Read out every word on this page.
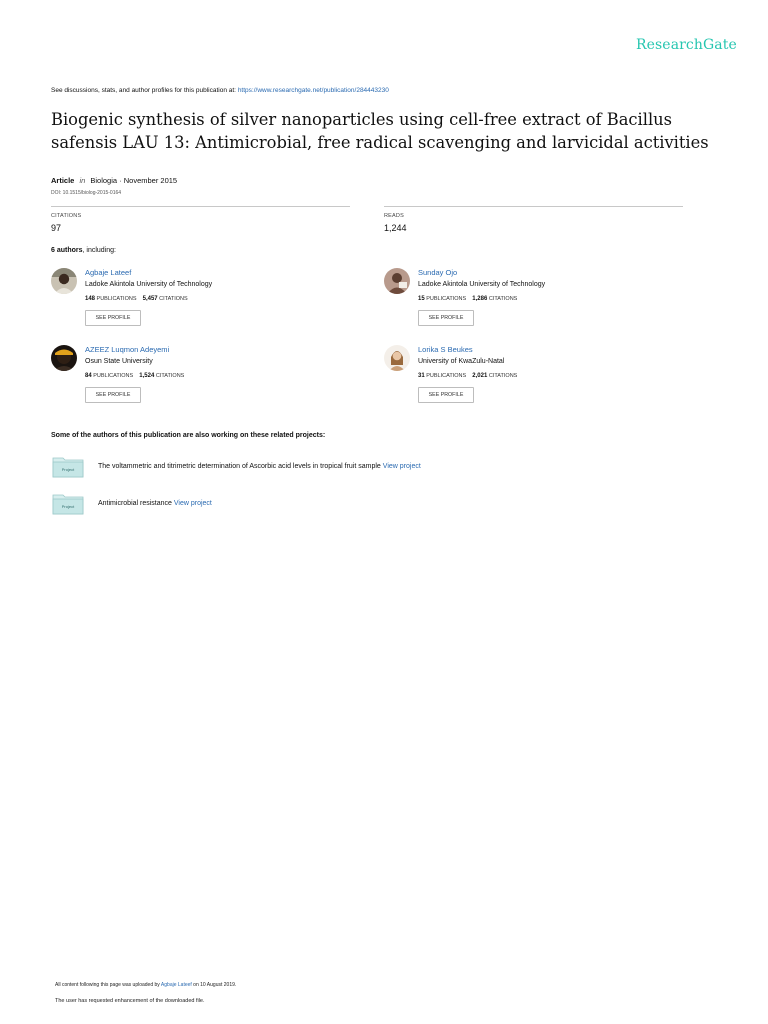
ResearchGate
See discussions, stats, and author profiles for this publication at: https://www.researchgate.net/publication/284443230
Biogenic synthesis of silver nanoparticles using cell-free extract of Bacillus safensis LAU 13: Antimicrobial, free radical scavenging and larvicidal activities
Article in Biologia · November 2015
DOI: 10.1515/biolog-2015-0164
CITATIONS
97
READS
1,244
6 authors, including:
Agbaje Lateef
Ladoke Akintola University of Technology
148 PUBLICATIONS 5,457 CITATIONS
SEE PROFILE
Sunday Ojo
Ladoke Akintola University of Technology
15 PUBLICATIONS 1,286 CITATIONS
SEE PROFILE
AZEEZ Luqmon Adeyemi
Osun State University
84 PUBLICATIONS 1,524 CITATIONS
SEE PROFILE
Lorika S Beukes
University of KwaZulu-Natal
31 PUBLICATIONS 2,021 CITATIONS
SEE PROFILE
Some of the authors of this publication are also working on these related projects:
Project	The voltammetric and titrimetric determination of Ascorbic acid levels in tropical fruit sample View project
Project	Antimicrobial resistance View project
All content following this page was uploaded by Agbaje Lateef on 10 August 2019.
The user has requested enhancement of the downloaded file.
